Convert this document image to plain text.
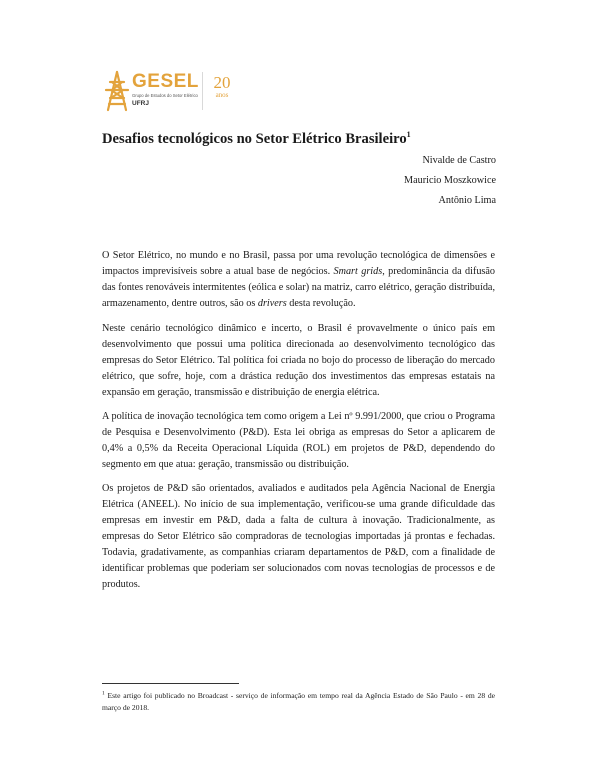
GESEL
Grupo de Estudos do Setor Elétrico
UFRJ
20
anos
Desafios tecnológicos no Setor Elétrico Brasileiro$^1$
Nivalde de Castro
Mauricio Moszkowice
Antônio Lima

O Setor Elétrico, no mundo e no Brasil, passa por uma revolução tecnológica de dimensões e impactos imprevisíveis sobre a atual base de negócios. Smart grids, predominância da difusão das fontes renováveis intermitentes (eólica e solar) na matriz, carro elétrico, geração distribuída, armazenamento, dentre outros, são os drivers desta revolução.

Neste cenário tecnológico dinâmico e incerto, o Brasil é provavelmente o único país em desenvolvimento que possui uma política direcionada ao desenvolvimento tecnológico das empresas do Setor Elétrico. Tal política foi criada no bojo do processo de liberação do mercado elétrico, que sofre, hoje, com a drástica redução dos investimentos das empresas estatais na expansão em geração, transmissão e distribuição de energia elétrica.

A política de inovação tecnológica tem como origem a Lei nº 9.991/2000, que criou o Programa de Pesquisa e Desenvolvimento (P&D). Esta lei obriga as empresas do Setor a aplicarem de 0,4% a 0,5% da Receita Operacional Líquida (ROL) em projetos de P&D, dependendo do segmento em que atua: geração, transmissão ou distribuição.

Os projetos de P&D são orientados, avaliados e auditados pela Agência Nacional de Energia Elétrica (ANEEL). No início de sua implementação, verificou-se uma grande dificuldade das empresas em investir em P&D, dada a falta de cultura à inovação. Tradicionalmente, as empresas do Setor Elétrico são compradoras de tecnologias importadas já prontas e fechadas. Todavia, gradativamente, as companhias criaram departamentos de P&D, com a finalidade de identificar problemas que poderiam ser solucionados com novas tecnologias de processos e de produtos.

$^1$ Este artigo foi publicado no Broadcast - serviço de informação em tempo real da Agência Estado de São Paulo - em 28 de março de 2018.
